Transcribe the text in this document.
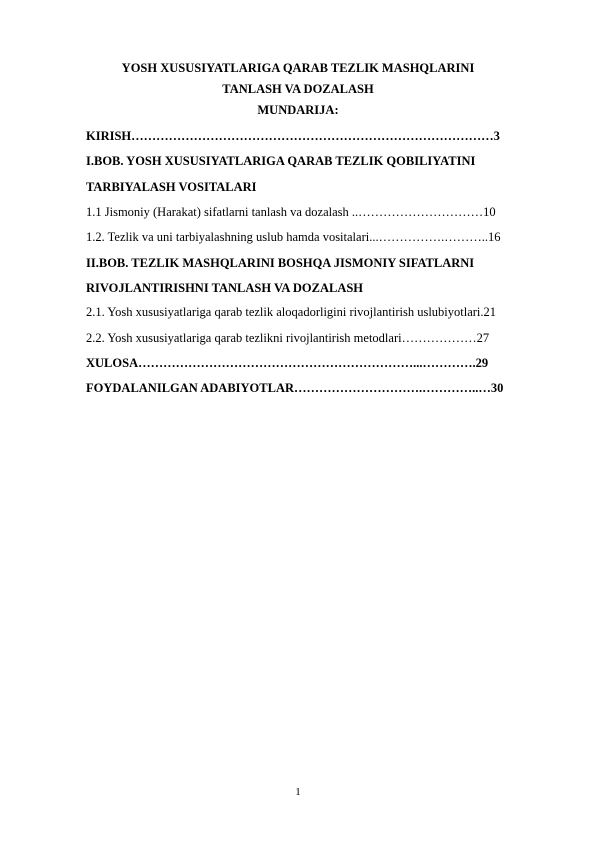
YOSH XUSUSIYATLARIGA QARAB TEZLIK MASHQLARINI
TANLASH VA DOZALASH
MUNDARIJA:
KIRISH……………………………………………………………………………3
I.BOB. YOSH XUSUSIYATLARIGA QARAB TEZLIK QOBILIYATINI
TARBIYALASH VOSITALARI
1.1 Jismoniy (Harakat) sifatlarni tanlash va dozalash ..…………………………10
1.2. Tezlik va uni tarbiyalashning uslub hamda vositalari...…………….………..16
II.BOB. TEZLIK MASHQLARINI BOSHQA JISMONIY SIFATLARNI
RIVOJLANTIRISHNI TANLASH VA DOZALASH
2.1. Yosh xususiyatlariga qarab tezlik aloqadorligini rivojlantirish uslubiyotlari.21
2.2. Yosh xususiyatlariga qarab tezlikni rivojlantirish metodlari………………27
XULOSA…………………………………………………………...………….29
FOYDALANILGAN ADABIYOTLAR………………………….…………..…30
1
